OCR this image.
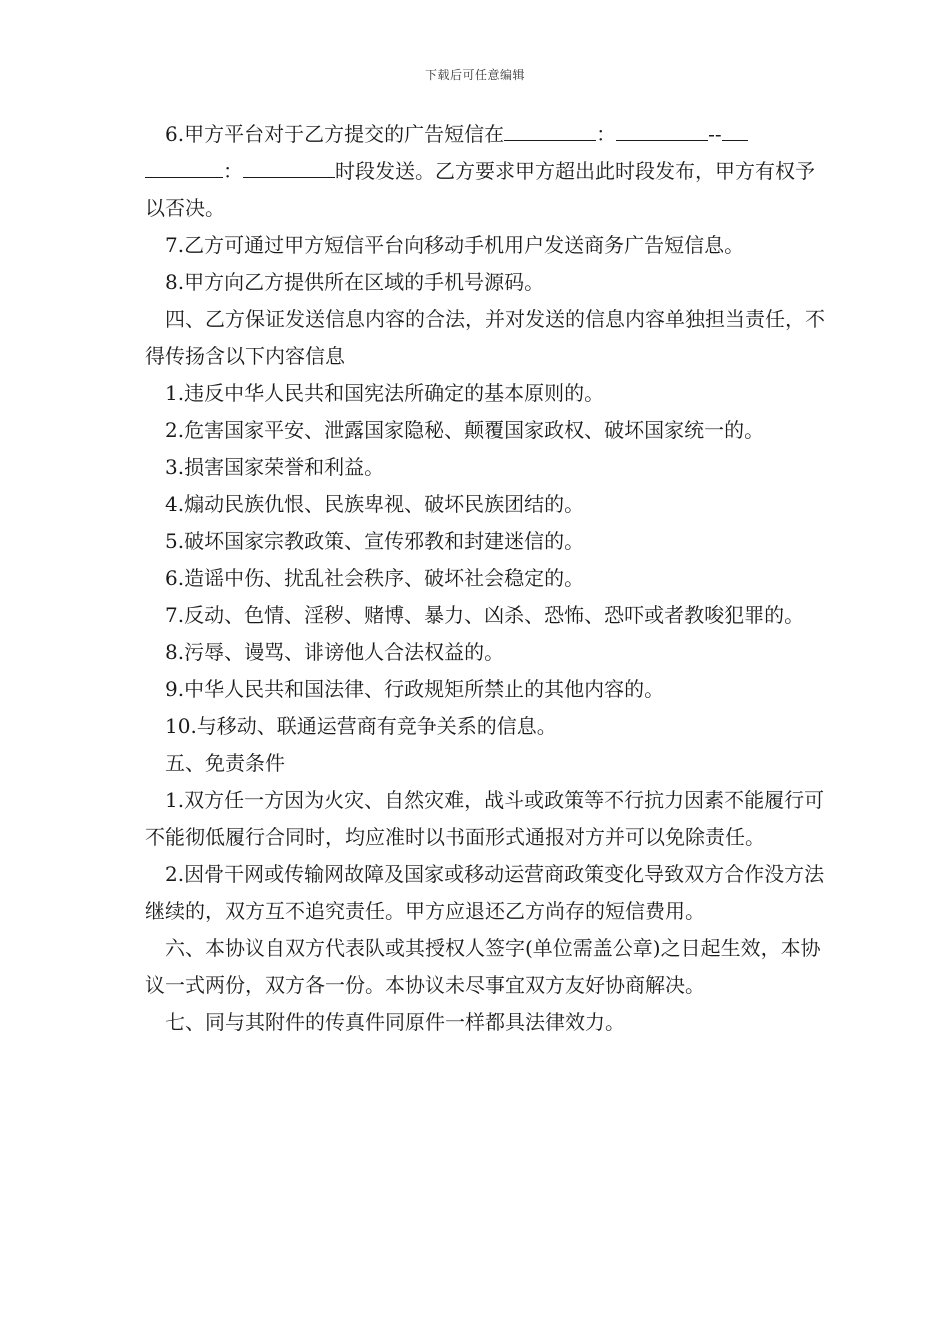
下载后可任意编辑

6.甲方平台对于乙方提交的广告短信在	：	--：	时段发送。乙方要求甲方超出此时段发布，甲方有权予以否决。

7.乙方可通过甲方短信平台向移动手机用户发送商务广告短信息。

8.甲方向乙方提供所在区域的手机号源码。

四、乙方保证发送信息内容的合法，并对发送的信息内容单独担当责任，不得传扬含以下内容信息

1.违反中华人民共和国宪法所确定的基本原则的。

2.危害国家平安、泄露国家隐秘、颠覆国家政权、破坏国家统一的。

3.损害国家荣誉和利益。

4.煽动民族仇恨、民族卑视、破坏民族团结的。

5.破坏国家宗教政策、宣传邪教和封建迷信的。

6.造谣中伤、扰乱社会秩序、破坏社会稳定的。

7.反动、色情、淫秽、赌博、暴力、凶杀、恐怖、恐吓或者教唆犯罪的。

8.污辱、谩骂、诽谤他人合法权益的。

9.中华人民共和国法律、行政规矩所禁止的其他内容的。

10.与移动、联通运营商有竞争关系的信息。

五、免责条件

1.双方任一方因为火灾、自然灾难，战斗或政策等不行抗力因素不能履行可不能彻低履行合同时，均应准时以书面形式通报对方并可以免除责任。

2.因骨干网或传输网故障及国家或移动运营商政策变化导致双方合作没方法继续的，双方互不追究责任。甲方应退还乙方尚存的短信费用。

六、本协议自双方代表队或其授权人签字(单位需盖公章)之日起生效，本协议一式两份，双方各一份。本协议未尽事宜双方友好协商解决。

七、同与其附件的传真件同原件一样都具法律效力。
